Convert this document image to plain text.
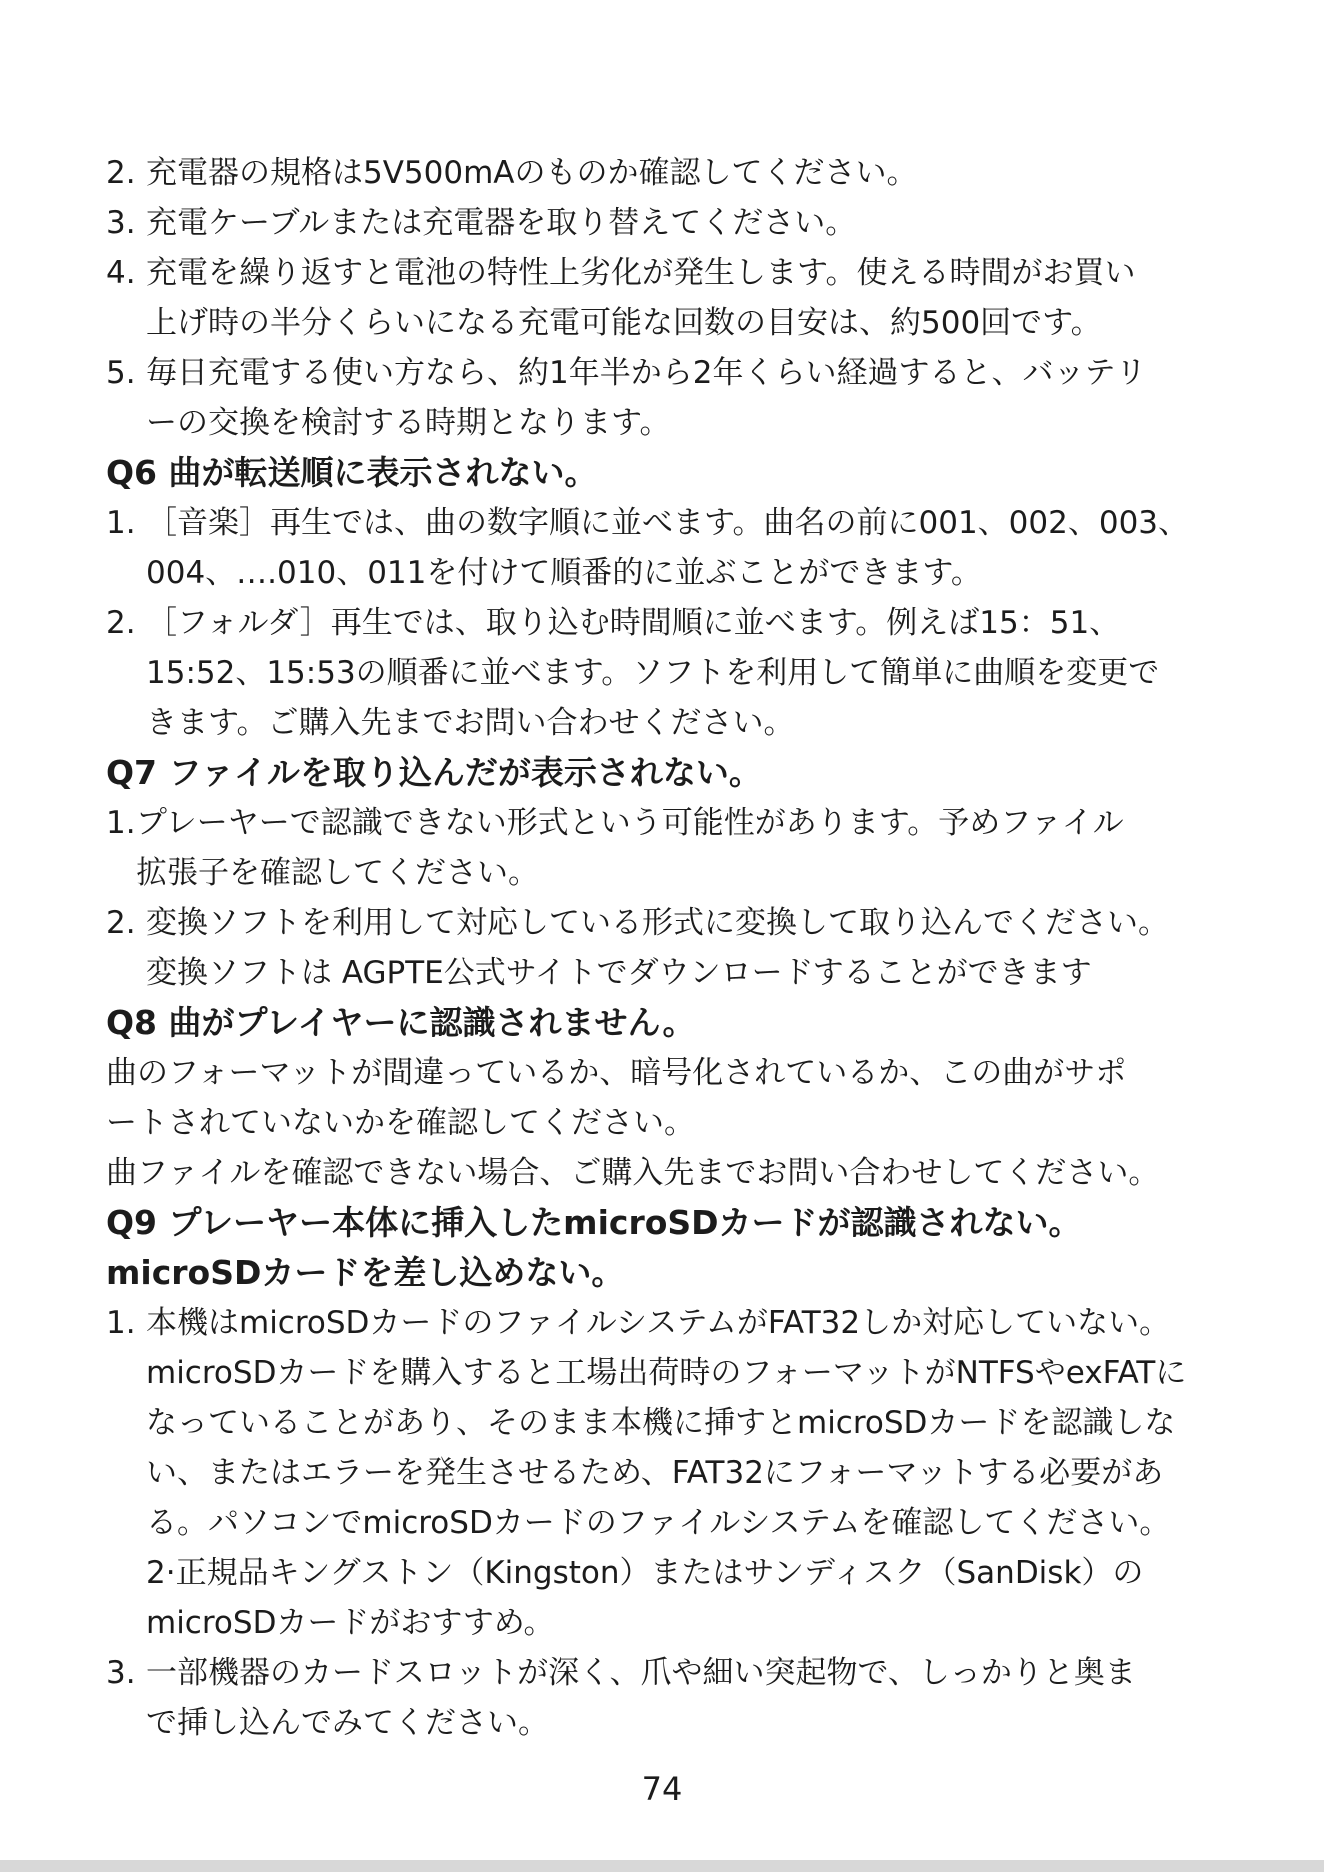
2. 充電器の規格は5V500mAのものか確認してください。
3. 充電ケーブルまたは充電器を取り替えてください。
4. 充電を繰り返すと電池の特性上劣化が発生します。使える時間がお買い
上げ時の半分くらいになる充電可能な回数の目安は、約500回です。
5. 毎日充電する使い方なら、約1年半から2年くらい経過すると、バッテリ
ーの交換を検討する時期となります。
Q6 曲が転送順に表示されない。
1. ［音楽］再生では、曲の数字順に並べます。曲名の前に001、002、003、
004、….010、011を付けて順番的に並ぶことができます。
2. ［フォルダ］再生では、取り込む時間順に並べます。例えば15：51、
15:52、15:53の順番に並べます。ソフトを利用して簡単に曲順を変更で
きます。ご購入先までお問い合わせください。
Q7 ファイルを取り込んだが表示されない。
1. プレーヤーで認識できない形式という可能性があります。予めファイル
拡張子を確認してください。
2. 変換ソフトを利用して対応している形式に変換して取り込んでください。
変換ソフトは AGPTE公式サイトでダウンロードすることができます
Q8 曲がプレイヤーに認識されません。
曲のフォーマットが間違っているか、暗号化されているか、この曲がサポ
ートされていないかを確認してください。
曲ファイルを確認できない場合、ご購入先までお問い合わせしてください。
Q9 プレーヤー本体に挿入したmicroSDカードが認識されない。
microSDカードを差し込めない。
1. 本機はmicroSDカードのファイルシステムがFAT32しか対応していない。
microSDカードを購入すると工場出荷時のフォーマットがNTFSやexFATに
なっていることがあり、そのまま本機に挿すとmicroSDカードを認識しな
い、またはエラーを発生させるため、FAT32にフォーマットする必要があ
る。パソコンでmicroSDカードのファイルシステムを確認してください。
2·正規品キングストン（Kingston）またはサンディスク（SanDisk）の
microSDカードがおすすめ。
3. 一部機器のカードスロットが深く、爪や細い突起物で、しっかりと奥ま
で挿し込んでみてください。
74
